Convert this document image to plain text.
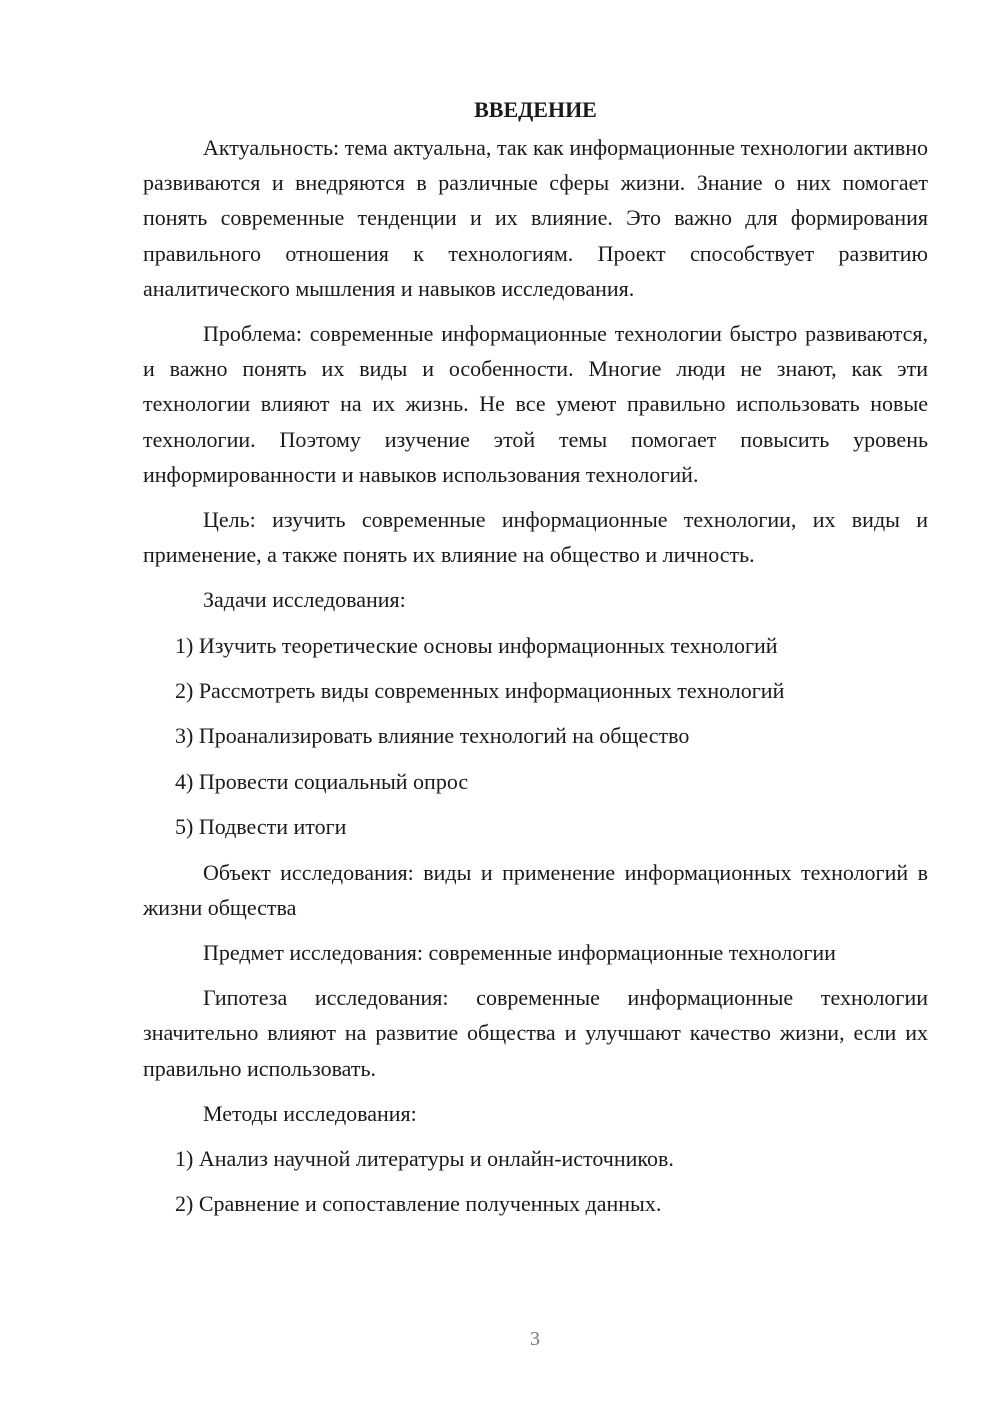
ВВЕДЕНИЕ

Актуальность: тема актуальна, так как информационные технологии активно развиваются и внедряются в различные сферы жизни. Знание о них помогает понять современные тенденции и их влияние. Это важно для формирования правильного отношения к технологиям. Проект способствует развитию аналитического мышления и навыков исследования.

Проблема: современные информационные технологии быстро развиваются, и важно понять их виды и особенности. Многие люди не знают, как эти технологии влияют на их жизнь. Не все умеют правильно использовать новые технологии. Поэтому изучение этой темы помогает повысить уровень информированности и навыков использования технологий.

Цель: изучить современные информационные технологии, их виды и применение, а также понять их влияние на общество и личность.

Задачи исследования:

1) Изучить теоретические основы информационных технологий
2) Рассмотреть виды современных информационных технологий
3) Проанализировать влияние технологий на общество
4) Провести социальный опрос
5) Подвести итоги

Объект исследования: виды и применение информационных технологий в жизни общества

Предмет исследования: современные информационные технологии

Гипотеза исследования: современные информационные технологии значительно влияют на развитие общества и улучшают качество жизни, если их правильно использовать.

Методы исследования:

1) Анализ научной литературы и онлайн-источников.
2) Сравнение и сопоставление полученных данных.
3
